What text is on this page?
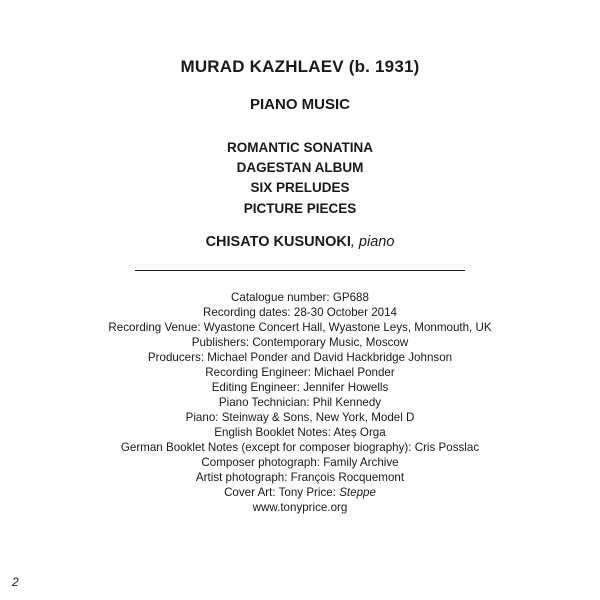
MURAD KAZHLAEV (b. 1931)
PIANO MUSIC
ROMANTIC SONATINA
DAGESTAN ALBUM
SIX PRELUDES
PICTURE PIECES
CHISATO KUSUNOKI, piano
Catalogue number: GP688
Recording dates: 28-30 October 2014
Recording Venue: Wyastone Concert Hall, Wyastone Leys, Monmouth, UK
Publishers: Contemporary Music, Moscow
Producers: Michael Ponder and David Hackbridge Johnson
Recording Engineer: Michael Ponder
Editing Engineer: Jennifer Howells
Piano Technician: Phil Kennedy
Piano: Steinway & Sons, New York, Model D
English Booklet Notes: Ateș Orga
German Booklet Notes (except for composer biography): Cris Posslac
Composer photograph: Family Archive
Artist photograph: François Rocquemont
Cover Art: Tony Price: Steppe
www.tonyprice.org
2
